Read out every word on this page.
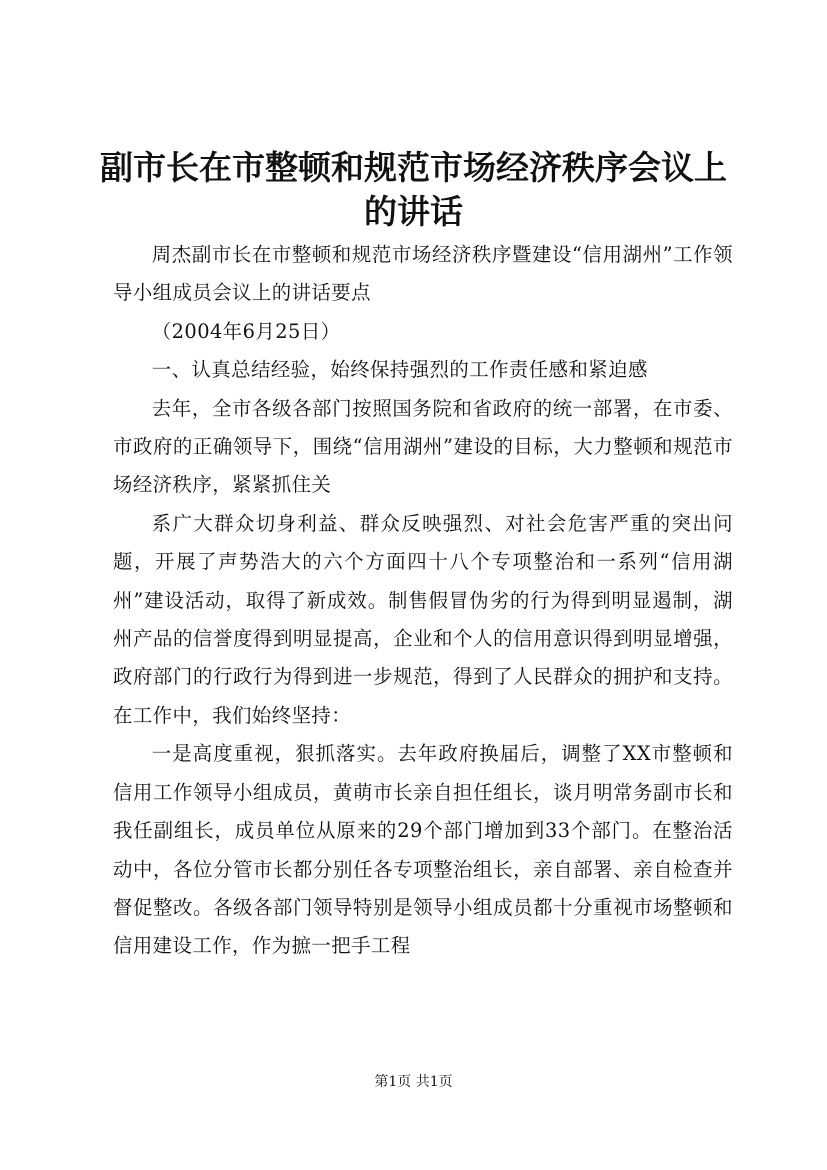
副市长在市整顿和规范市场经济秩序会议上的讲话

周杰副市长在市整顿和规范市场经济秩序暨建设“信用湖州”工作领导小组成员会议上的讲话要点

（2004年6月25日）

一、认真总结经验，始终保持强烈的工作责任感和紧迫感

去年，全市各级各部门按照国务院和省政府的统一部署，在市委、市政府的正确领导下，围绕“信用湖州”建设的目标，大力整顿和规范市场经济秩序，紧紧抓住关

系广大群众切身利益、群众反映强烈、对社会危害严重的突出问题，开展了声势浩大的六个方面四十八个专项整治和一系列“信用湖州”建设活动，取得了新成效。制售假冒伪劣的行为得到明显遏制，湖州产品的信誉度得到明显提高，企业和个人的信用意识得到明显增强，政府部门的行政行为得到进一步规范，得到了人民群众的拥护和支持。在工作中，我们始终坚持：

一是高度重视，狠抓落实。去年政府换届后，调整了XX市整顿和信用工作领导小组成员，黄萌市长亲自担任组长，谈月明常务副市长和我任副组长，成员单位从原来的29个部门增加到33个部门。在整治活动中，各位分管市长都分别任各专项整治组长，亲自部署、亲自检查并督促整改。各级各部门领导特别是领导小组成员都十分重视市场整顿和信用建设工作，作为摭一把手工程

第1页 共1页
